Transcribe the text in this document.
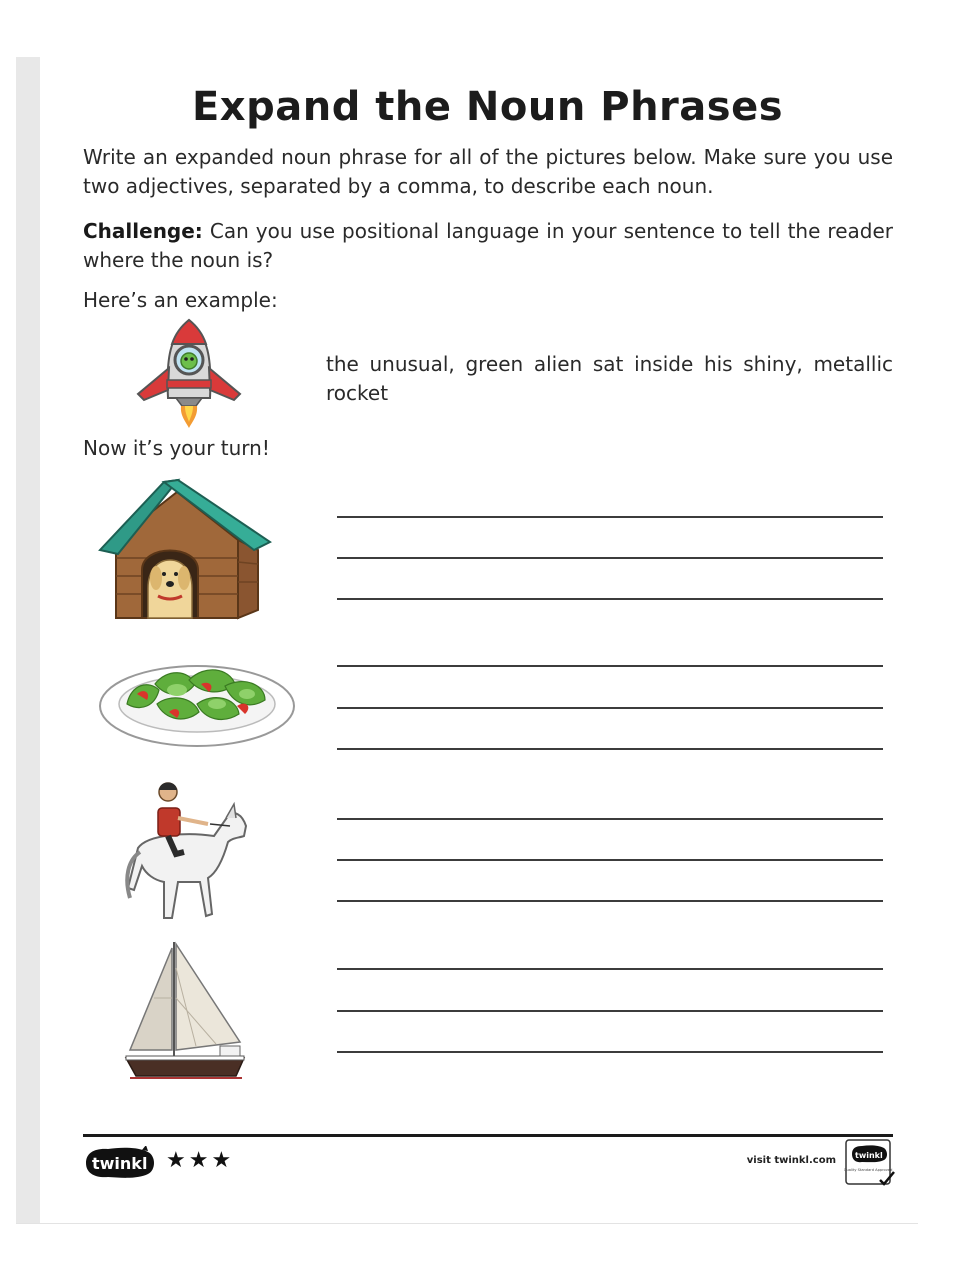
Expand the Noun Phrases
Write an expanded noun phrase for all of the pictures below. Make sure you use two adjectives, separated by a comma, to describe each noun.
Challenge: Can you use positional language in your sentence to tell the reader where the noun is?
Here’s an example:
the unusual, green alien sat inside his shiny, metallic rocket
Now it’s your turn!
twinkl ★★★	visit twinkl.com twinkl
Quality Standard Approved
